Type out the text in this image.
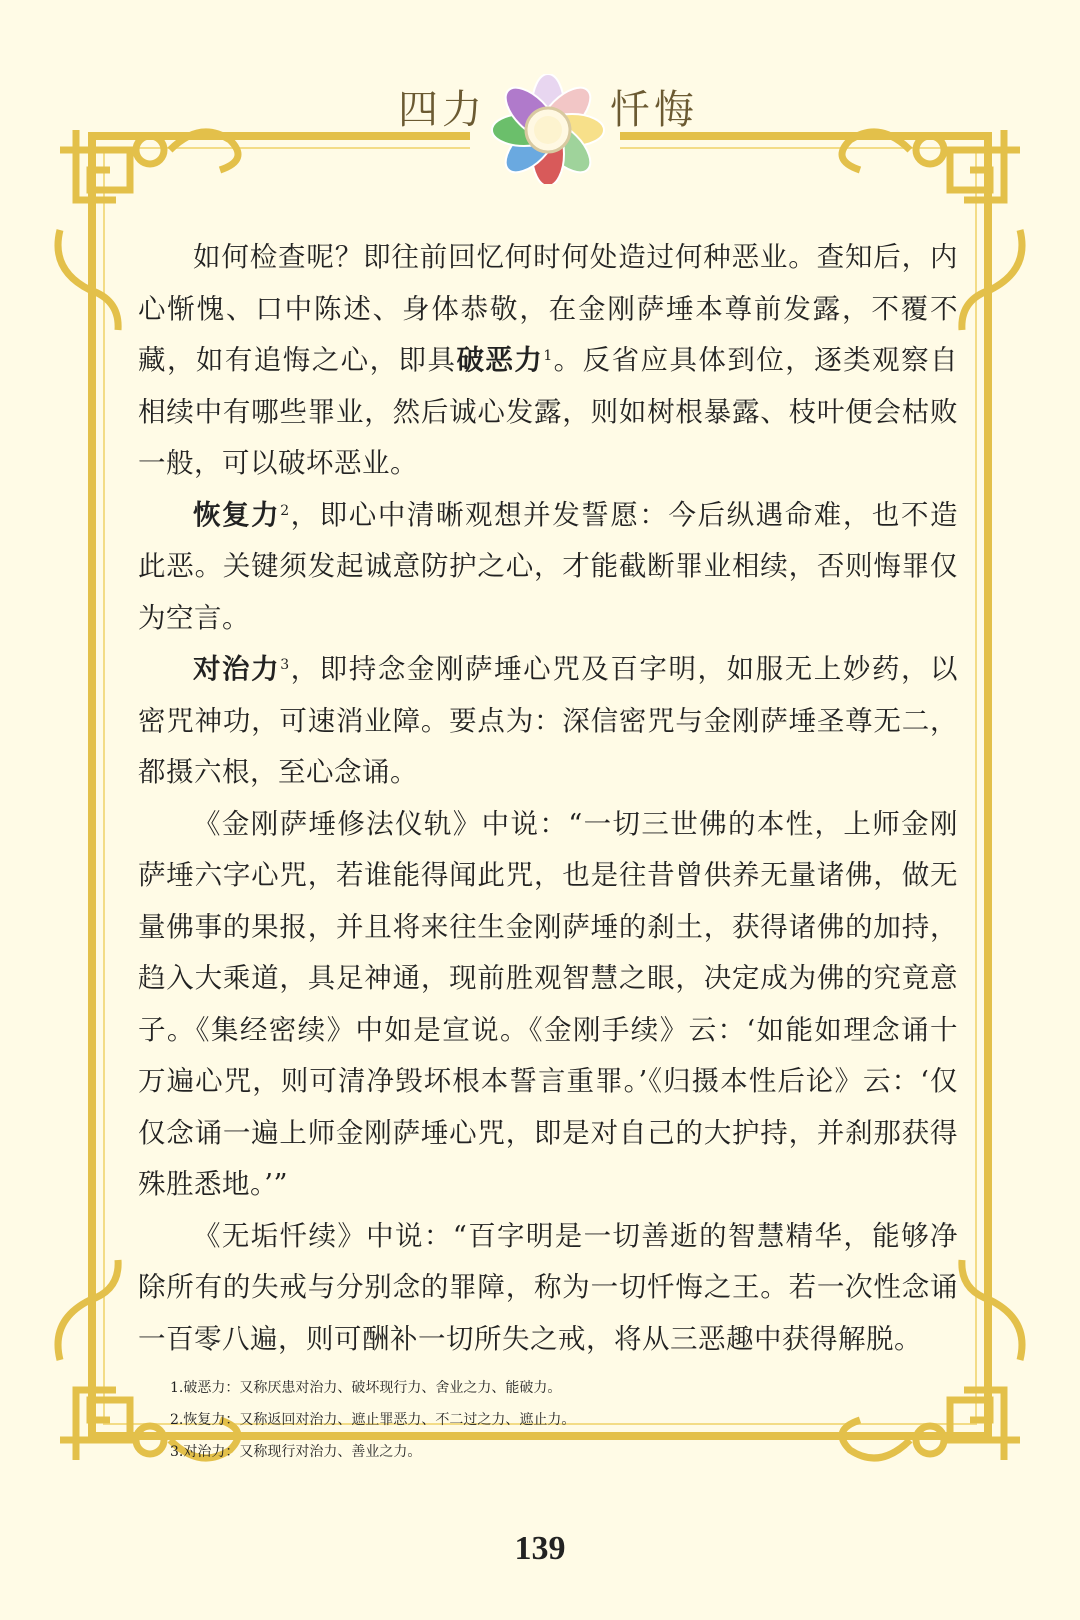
四力	忏悔

如何检查呢？即往前回忆何时何处造过何种恶业。查知后，内心惭愧、口中陈述、身体恭敬，在金刚萨埵本尊前发露，不覆不藏，如有追悔之心，即具破恶力$^1$。反省应具体到位，逐类观察自相续中有哪些罪业，然后诚心发露，则如树根暴露、枝叶便会枯败一般，可以破坏恶业。

恢复力$^2$，即心中清晰观想并发誓愿：今后纵遇命难，也不造此恶。关键须发起诚意防护之心，才能截断罪业相续，否则悔罪仅为空言。

对治力$^3$，即持念金刚萨埵心咒及百字明，如服无上妙药，以密咒神功，可速消业障。要点为：深信密咒与金刚萨埵圣尊无二，都摄六根，至心念诵。

《金刚萨埵修法仪轨》中说：“一切三世佛的本性，上师金刚萨埵六字心咒，若谁能得闻此咒，也是往昔曾供养无量诸佛，做无量佛事的果报，并且将来往生金刚萨埵的刹土，获得诸佛的加持，趋入大乘道，具足神通，现前胜观智慧之眼，决定成为佛的究竟意子。《集经密续》中如是宣说。《金刚手续》云：‘如能如理念诵十万遍心咒，则可清净毁坏根本誓言重罪。’《归摄本性后论》云：‘仅仅念诵一遍上师金刚萨埵心咒，即是对自己的大护持，并刹那获得殊胜悉地。’”

《无垢忏续》中说：“百字明是一切善逝的智慧精华，能够净除所有的失戒与分别念的罪障，称为一切忏悔之王。若一次性念诵一百零八遍，则可酬补一切所失之戒，将从三恶趣中获得解脱。

1.破恶力：又称厌患对治力、破坏现行力、舍业之力、能破力。

2.恢复力：又称返回对治力、遮止罪恶力、不二过之力、遮止力。

3.对治力：又称现行对治力、善业之力。

139
